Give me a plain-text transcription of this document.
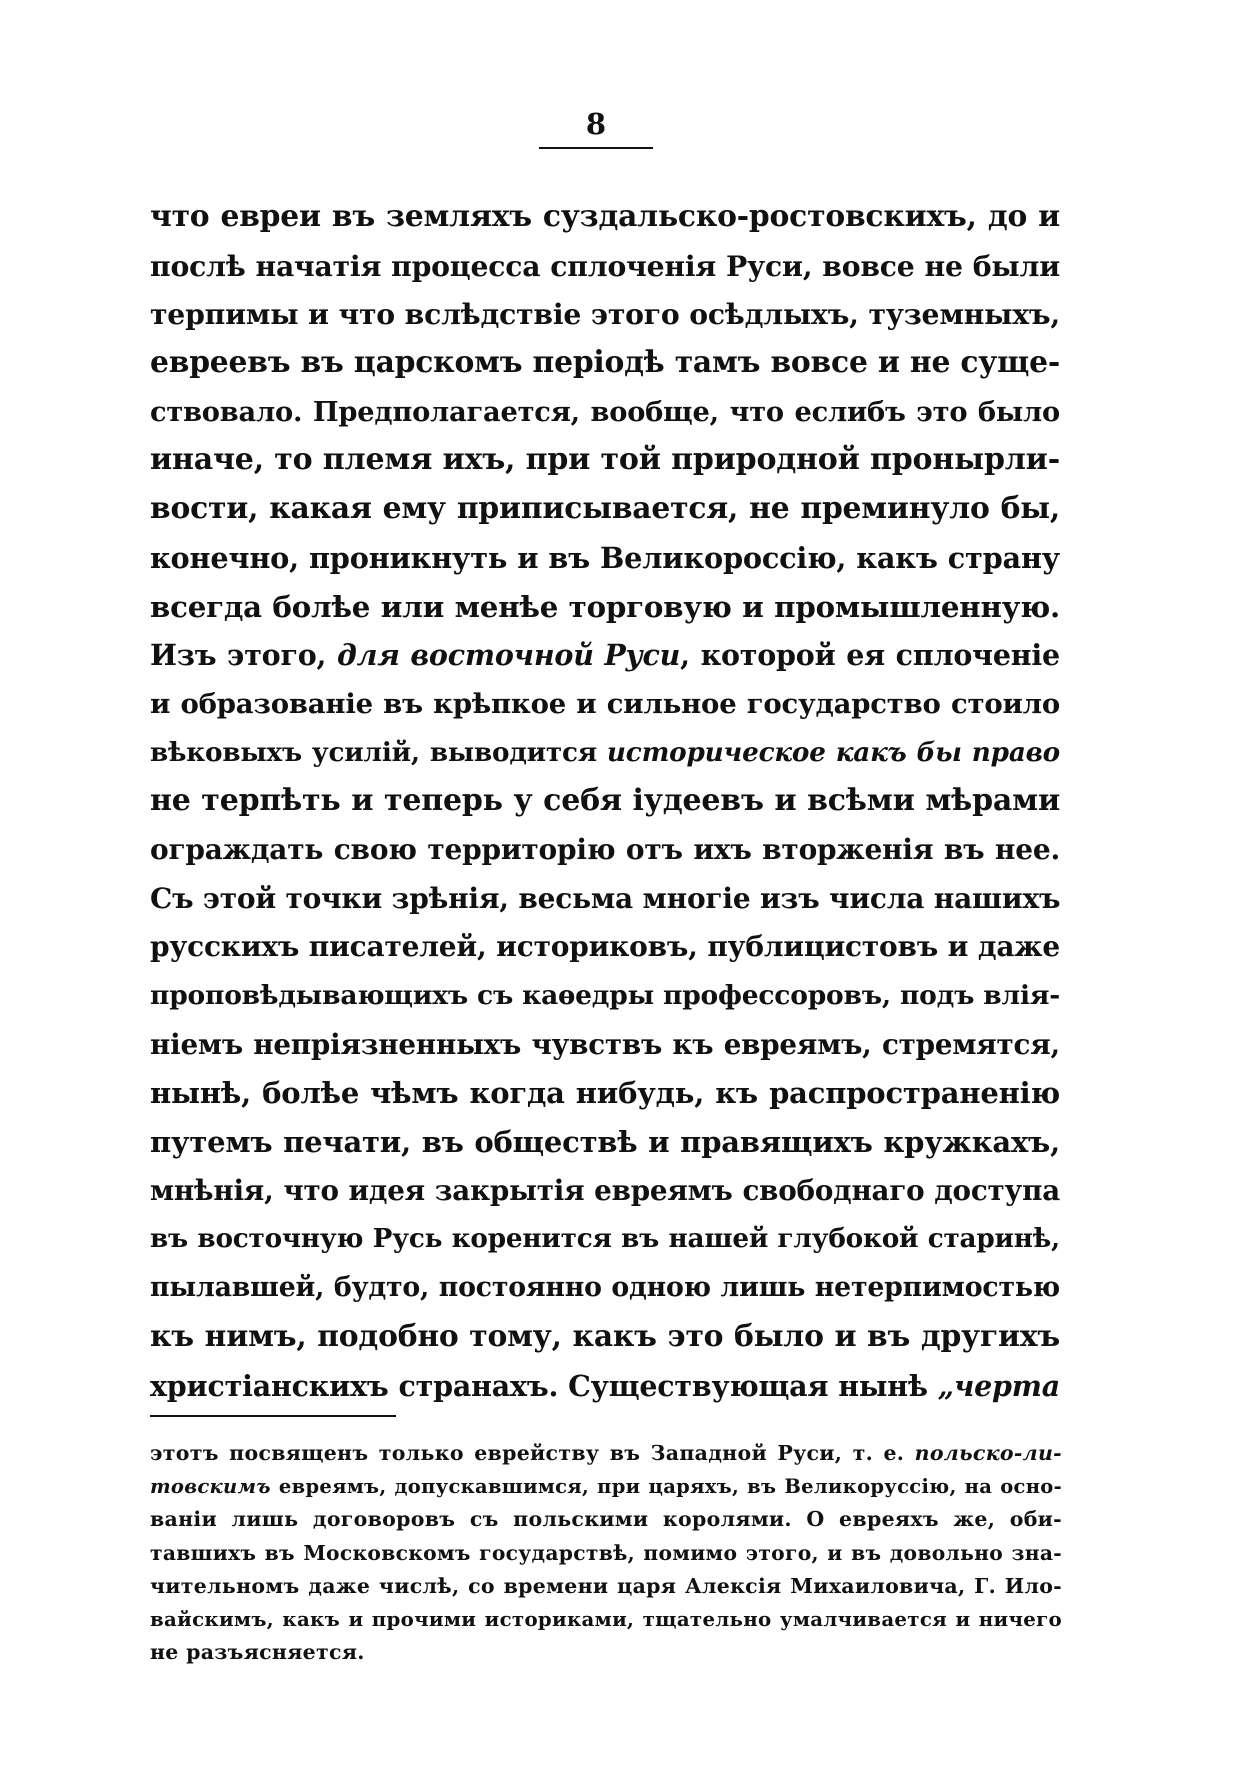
8
что евреи въ земляхъ суздальско-ростовскихъ, до и
послѣ начатія процесса сплоченія Руси, вовсе не были
терпимы и что вслѣдствіе этого осѣдлыхъ, туземныхъ,
евреевъ въ царскомъ періодѣ тамъ вовсе и не суще-
ствовало. Предполагается, вообще, что еслибъ это было
иначе, то племя ихъ, при той природной пронырли-
вости, какая ему приписывается, не преминуло бы,
конечно, проникнуть и въ Великороссію, какъ страну
всегда болѣе или менѣе торговую и промышленную.
Изъ этого, для восточной Руси, которой ея сплоченіе
и образованіе въ крѣпкое и сильное государство стоило
вѣковыхъ усилій, выводится историческое какъ бы право
не терпѣть и теперь у себя іудеевъ и всѣми мѣрами
ограждать свою территорію отъ ихъ вторженія въ нее.
Съ этой точки зрѣнія, весьма многіе изъ числа нашихъ
русскихъ писателей, историковъ, публицистовъ и даже
проповѣдывающихъ съ каѳедры профессоровъ, подъ влія-
ніемъ непріязненныхъ чувствъ къ евреямъ, стремятся,
нынѣ, болѣе чѣмъ когда нибудь, къ распространенію
путемъ печати, въ обществѣ и правящихъ кружкахъ,
мнѣнія, что идея закрытія евреямъ свободнаго доступа
въ восточную Русь коренится въ нашей глубокой старинѣ,
пылавшей, будто, постоянно одною лишь нетерпимостью
къ нимъ, подобно тому, какъ это было и въ другихъ
христіанскихъ странахъ. Существующая нынѣ „черта
этотъ посвященъ только еврейству въ Западной Руси, т. е. польско-ли-
товскимъ евреямъ, допускавшимся, при царяхъ, въ Великоруссію, на осно-
ваніи лишь договоровъ съ польскими королями. О евреяхъ же, оби-
тавшихъ въ Московскомъ государствѣ, помимо этого, и въ довольно зна-
чительномъ даже числѣ, со времени царя Алексія Михаиловича, Г. Ило-
вайскимъ, какъ и прочими историками, тщательно умалчивается и ничего
не разъясняется.
